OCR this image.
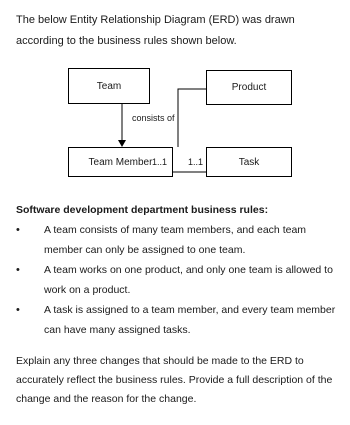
The below Entity Relationship Diagram (ERD) was drawn according to the business rules shown below.
Team	Product
Team Member	Task
consists of
1..1 1..1
Software development department business rules:
• A team consists of many team members, and each team member can only be assigned to one team.
• A team works on one product, and only one team is allowed to work on a product.
• A task is assigned to a team member, and every team member can have many assigned tasks.
Explain any three changes that should be made to the ERD to accurately reflect the business rules. Provide a full description of the change and the reason for the change.
